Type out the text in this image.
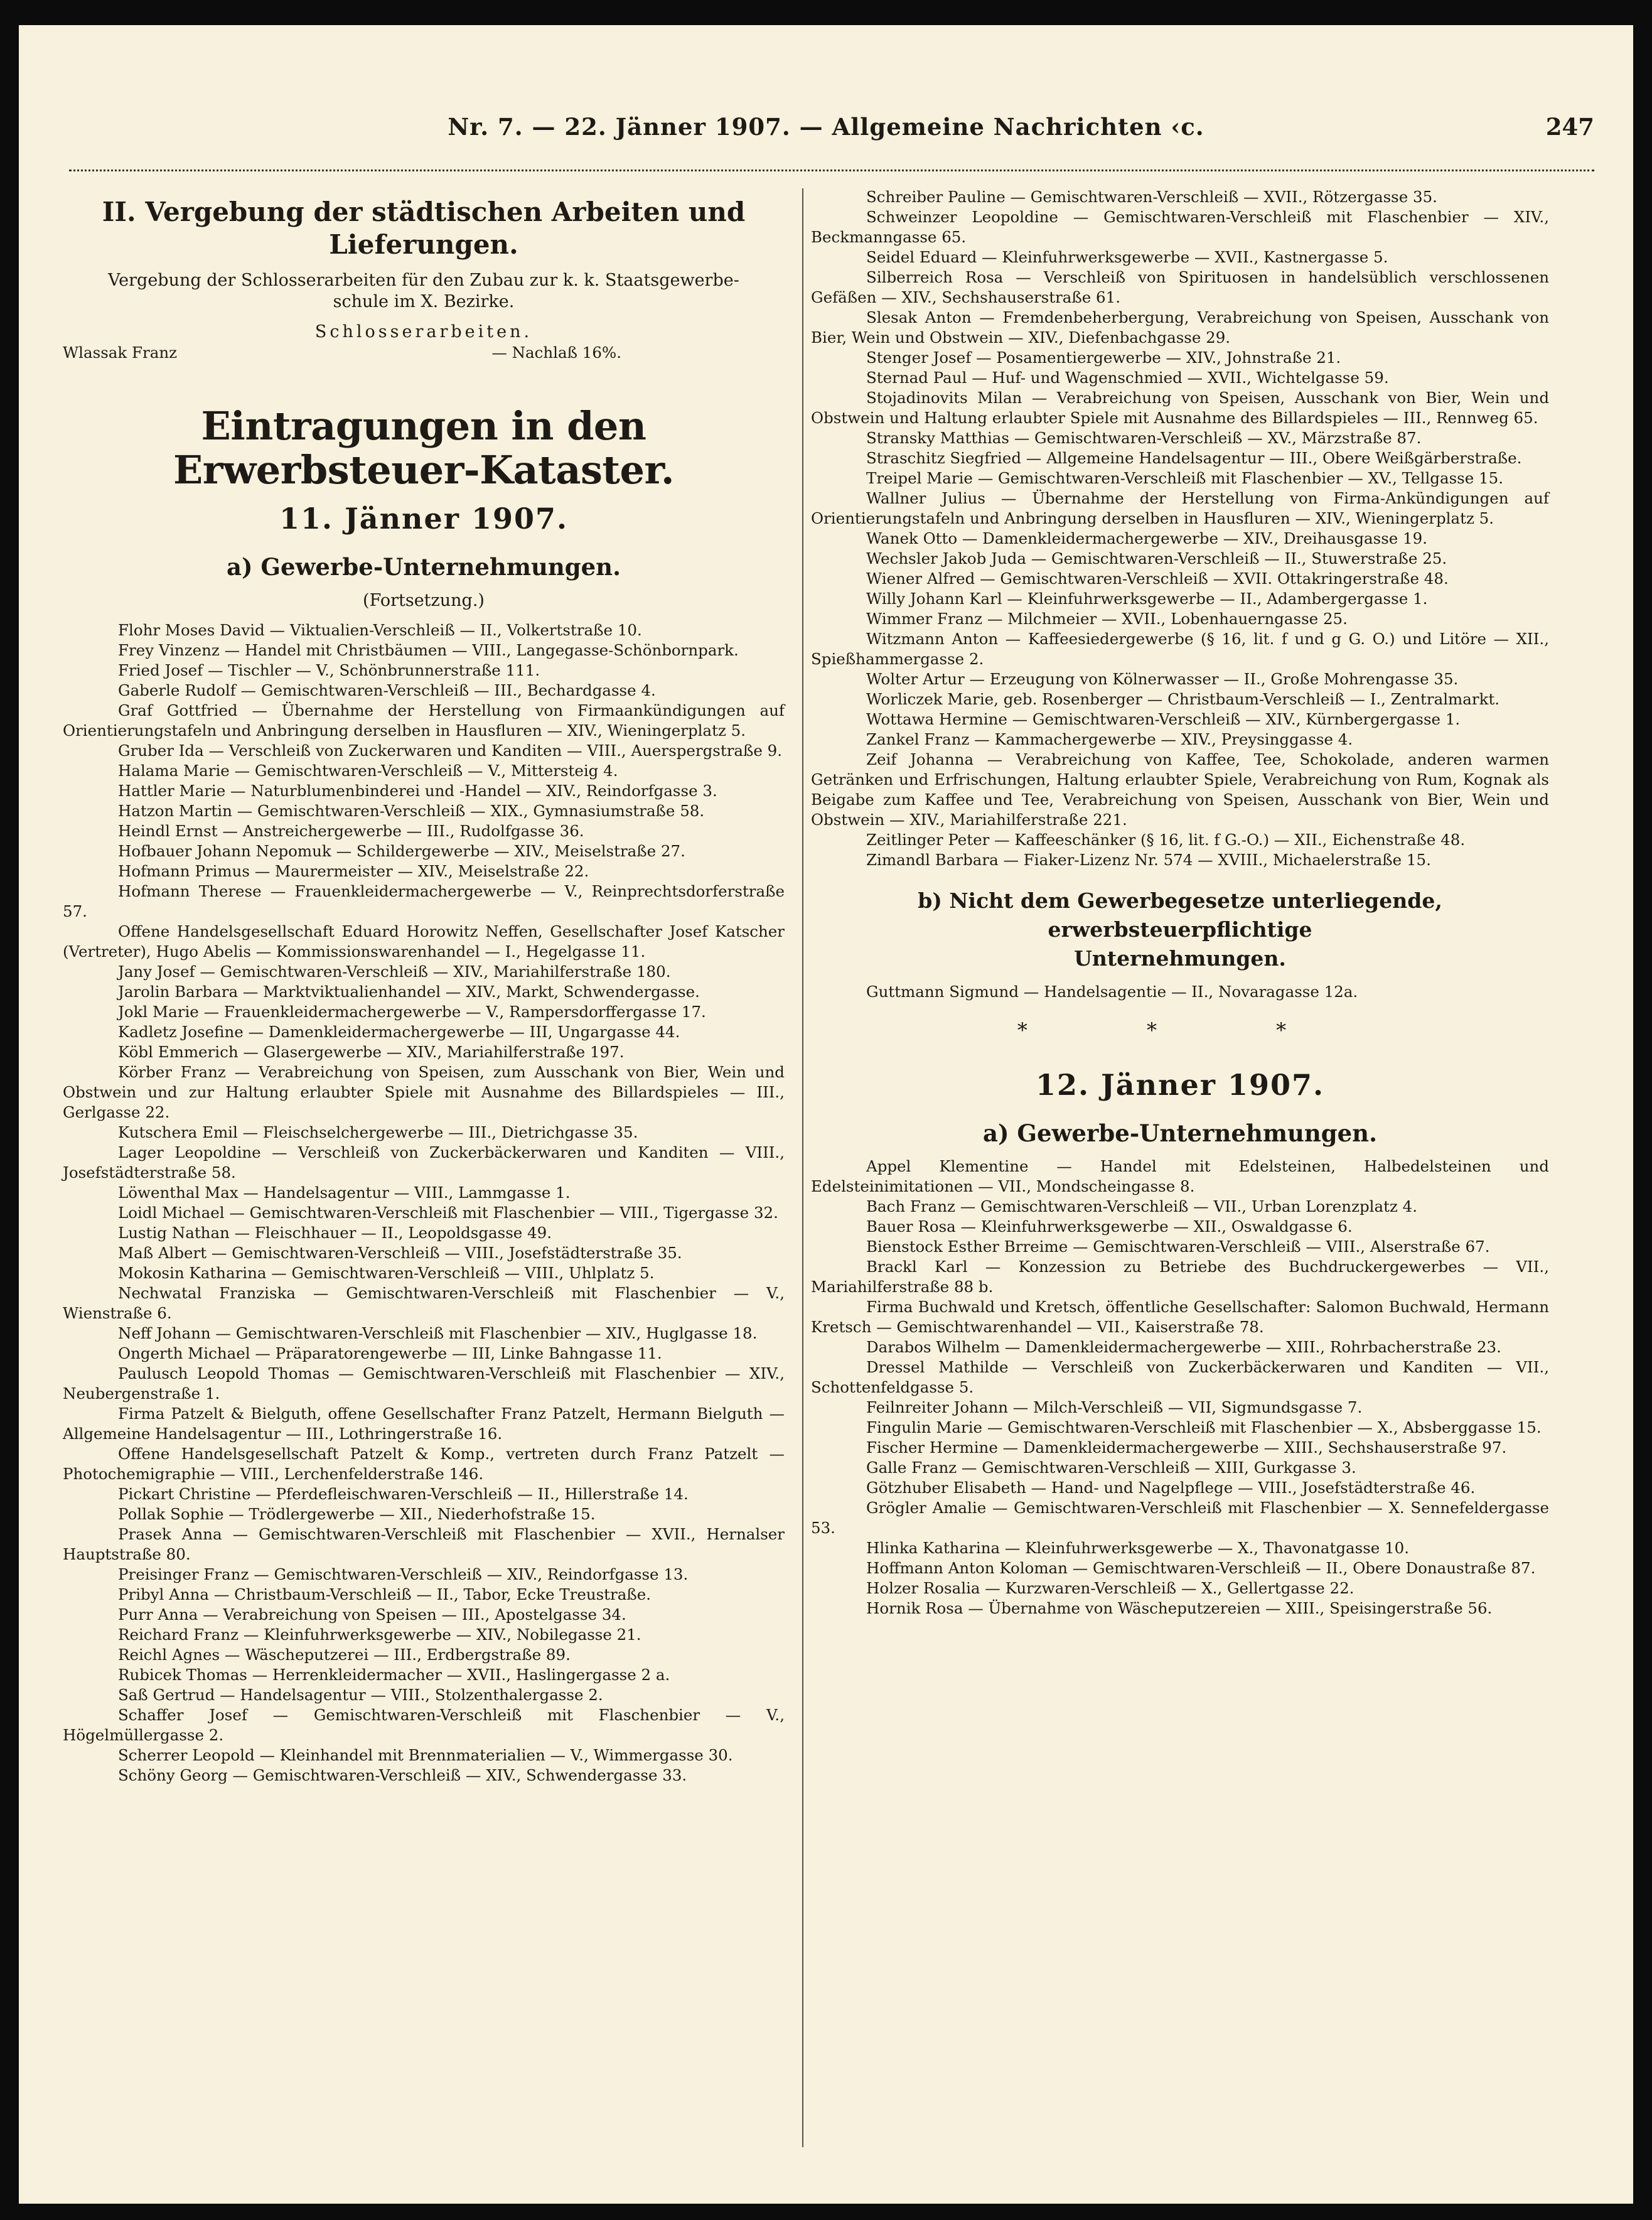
Nr. 7. — 22. Jänner 1907. — Allgemeine Nachrichten ‹c.	247
II. Vergebung der städtischen Arbeiten und
Lieferungen.
Vergebung der Schlosserarbeiten für den Zubau zur k. k. Staatsgewerbe-
schule im X. Bezirke.
Schlosserarbeiten.
Wlassak Franz	— Nachlaß 16%.
Eintragungen in den Erwerbsteuer-Kataster.
11. Jänner 1907.
a) Gewerbe-Unternehmungen.
(Fortsetzung.)
Flohr Moses David — Viktualien-Verschleiß — II., Volkertstraße 10.
Frey Vinzenz — Handel mit Christbäumen — VIII., Langegasse-Schönbornpark.
Fried Josef — Tischler — V., Schönbrunnerstraße 111.
Gaberle Rudolf — Gemischtwaren-Verschleiß — III., Bechardgasse 4.
Graf Gottfried — Übernahme der Herstellung von Firmaankündigungen auf Orientierungstafeln und Anbringung derselben in Hausfluren — XIV., Wieningerplatz 5.
Gruber Ida — Verschleiß von Zuckerwaren und Kanditen — VIII., Auerspergstraße 9.
Halama Marie — Gemischtwaren-Verschleiß — V., Mittersteig 4.
Hattler Marie — Naturblumenbinderei und -Handel — XIV., Reindorfgasse 3.
Hatzon Martin — Gemischtwaren-Verschleiß — XIX., Gymnasiumstraße 58.
Heindl Ernst — Anstreichergewerbe — III., Rudolfgasse 36.
Hofbauer Johann Nepomuk — Schildergewerbe — XIV., Meiselstraße 27.
Hofmann Primus — Maurermeister — XIV., Meiselstraße 22.
Hofmann Therese — Frauenkleidermachergewerbe — V., Reinprechtsdorferstraße 57.
Offene Handelsgesellschaft Eduard Horowitz Neffen, Gesellschafter Josef Katscher (Vertreter), Hugo Abelis — Kommissionswarenhandel — I., Hegelgasse 11.
Jany Josef — Gemischtwaren-Verschleiß — XIV., Mariahilferstraße 180.
Jarolin Barbara — Marktviktualienhandel — XIV., Markt, Schwendergasse.
Jokl Marie — Frauenkleidermachergewerbe — V., Rampersdorffergasse 17.
Kadletz Josefine — Damenkleidermachergewerbe — III, Ungargasse 44.
Köbl Emmerich — Glasergewerbe — XIV., Mariahilferstraße 197.
Körber Franz — Verabreichung von Speisen, zum Ausschank von Bier, Wein und Obstwein und zur Haltung erlaubter Spiele mit Ausnahme des Billardspieles — III., Gerlgasse 22.
Kutschera Emil — Fleischselchergewerbe — III., Dietrichgasse 35.
Lager Leopoldine — Verschleiß von Zuckerbäckerwaren und Kanditen — VIII., Josefstädterstraße 58.
Löwenthal Max — Handelsagentur — VIII., Lammgasse 1.
Loidl Michael — Gemischtwaren-Verschleiß mit Flaschenbier — VIII., Tigergasse 32.
Lustig Nathan — Fleischhauer — II., Leopoldsgasse 49.
Maß Albert — Gemischtwaren-Verschleiß — VIII., Josefstädterstraße 35.
Mokosin Katharina — Gemischtwaren-Verschleiß — VIII., Uhlplatz 5.
Nechwatal Franziska — Gemischtwaren-Verschleiß mit Flaschenbier — V., Wienstraße 6.
Neff Johann — Gemischtwaren-Verschleiß mit Flaschenbier — XIV., Huglgasse 18.
Ongerth Michael — Präparatorengewerbe — III, Linke Bahngasse 11.
Paulusch Leopold Thomas — Gemischtwaren-Verschleiß mit Flaschenbier — XIV., Neubergenstraße 1.
Firma Patzelt & Bielguth, offene Gesellschafter Franz Patzelt, Hermann Bielguth — Allgemeine Handelsagentur — III., Lothringerstraße 16.
Offene Handelsgesellschaft Patzelt & Komp., vertreten durch Franz Patzelt — Photochemigraphie — VIII., Lerchenfelderstraße 146.
Pickart Christine — Pferdefleischwaren-Verschleiß — II., Hillerstraße 14.
Pollak Sophie — Trödlergewerbe — XII., Niederhofstraße 15.
Prasek Anna — Gemischtwaren-Verschleiß mit Flaschenbier — XVII., Hernalser Hauptstraße 80.
Preisinger Franz — Gemischtwaren-Verschleiß — XIV., Reindorfgasse 13.
Pribyl Anna — Christbaum-Verschleiß — II., Tabor, Ecke Treustraße.
Purr Anna — Verabreichung von Speisen — III., Apostelgasse 34.
Reichard Franz — Kleinfuhrwerksgewerbe — XIV., Nobilegasse 21.
Reichl Agnes — Wäscheputzerei — III., Erdbergstraße 89.
Rubicek Thomas — Herrenkleidermacher — XVII., Haslingergasse 2 a.
Saß Gertrud — Handelsagentur — VIII., Stolzenthalergasse 2.
Schaffer Josef — Gemischtwaren-Verschleiß mit Flaschenbier — V., Högelmüllergasse 2.
Scherrer Leopold — Kleinhandel mit Brennmaterialien — V., Wimmergasse 30.
Schöny Georg — Gemischtwaren-Verschleiß — XIV., Schwendergasse 33.
Schreiber Pauline — Gemischtwaren-Verschleiß — XVII., Rötzergasse 35.
Schweinzer Leopoldine — Gemischtwaren-Verschleiß mit Flaschenbier — XIV., Beckmanngasse 65.
Seidel Eduard — Kleinfuhrwerksgewerbe — XVII., Kastnergasse 5.
Silberreich Rosa — Verschleiß von Spirituosen in handelsüblich verschlossenen Gefäßen — XIV., Sechshauserstraße 61.
Slesak Anton — Fremdenbeherbergung, Verabreichung von Speisen, Ausschank von Bier, Wein und Obstwein — XIV., Diefenbachgasse 29.
Stenger Josef — Posamentiergewerbe — XIV., Johnstraße 21.
Sternad Paul — Huf- und Wagenschmied — XVII., Wichtelgasse 59.
Stojadinovits Milan — Verabreichung von Speisen, Ausschank von Bier, Wein und Obstwein und Haltung erlaubter Spiele mit Ausnahme des Billardspieles — III., Rennweg 65.
Stransky Matthias — Gemischtwaren-Verschleiß — XV., Märzstraße 87.
Straschitz Siegfried — Allgemeine Handelsagentur — III., Obere Weißgärberstraße.
Treipel Marie — Gemischtwaren-Verschleiß mit Flaschenbier — XV., Tellgasse 15.
Wallner Julius — Übernahme der Herstellung von Firma-Ankündigungen auf Orientierungstafeln und Anbringung derselben in Hausfluren — XIV., Wieningerplatz 5.
Wanek Otto — Damenkleidermachergewerbe — XIV., Dreihausgasse 19.
Wechsler Jakob Juda — Gemischtwaren-Verschleiß — II., Stuwerstraße 25.
Wiener Alfred — Gemischtwaren-Verschleiß — XVII. Ottakringerstraße 48.
Willy Johann Karl — Kleinfuhrwerksgewerbe — II., Adambergergasse 1.
Wimmer Franz — Milchmeier — XVII., Lobenhauerngasse 25.
Witzmann Anton — Kaffeesiedergewerbe (§ 16, lit. f und g G. O.) und Litöre — XII., Spießhammergasse 2.
Wolter Artur — Erzeugung von Kölnerwasser — II., Große Mohrengasse 35.
Worliczek Marie, geb. Rosenberger — Christbaum-Verschleiß — I., Zentralmarkt.
Wottawa Hermine — Gemischtwaren-Verschleiß — XIV., Kürnbergergasse 1.
Zankel Franz — Kammachergewerbe — XIV., Preysinggasse 4.
Zeif Johanna — Verabreichung von Kaffee, Tee, Schokolade, anderen warmen Getränken und Erfrischungen, Haltung erlaubter Spiele, Verabreichung von Rum, Kognak als Beigabe zum Kaffee und Tee, Verabreichung von Speisen, Ausschank von Bier, Wein und Obstwein — XIV., Mariahilferstraße 221.
Zeitlinger Peter — Kaffeeschänker (§ 16, lit. f G.-O.) — XII., Eichenstraße 48.
Zimandl Barbara — Fiaker-Lizenz Nr. 574 — XVIII., Michaelerstraße 15.
b) Nicht dem Gewerbegesetze unterliegende, erwerbsteuerpflichtige
Unternehmungen.
Guttmann Sigmund — Handelsagentie — II., Novaragasse 12a.
* * *
12. Jänner 1907.
a) Gewerbe-Unternehmungen.
Appel Klementine — Handel mit Edelsteinen, Halbedelsteinen und Edelsteinimitationen — VII., Mondscheingasse 8.
Bach Franz — Gemischtwaren-Verschleiß — VII., Urban Lorenzplatz 4.
Bauer Rosa — Kleinfuhrwerksgewerbe — XII., Oswaldgasse 6.
Bienstock Esther Brreime — Gemischtwaren-Verschleiß — VIII., Alserstraße 67.
Brackl Karl — Konzession zu Betriebe des Buchdruckergewerbes — VII., Mariahilferstraße 88 b.
Firma Buchwald und Kretsch, öffentliche Gesellschafter: Salomon Buchwald, Hermann Kretsch — Gemischtwarenhandel — VII., Kaiserstraße 78.
Darabos Wilhelm — Damenkleidermachergewerbe — XIII., Rohrbacherstraße 23.
Dressel Mathilde — Verschleiß von Zuckerbäckerwaren und Kanditen — VII., Schottenfeldgasse 5.
Feilnreiter Johann — Milch-Verschleiß — VII, Sigmundsgasse 7.
Fingulin Marie — Gemischtwaren-Verschleiß mit Flaschenbier — X., Absberggasse 15.
Fischer Hermine — Damenkleidermachergewerbe — XIII., Sechshauserstraße 97.
Galle Franz — Gemischtwaren-Verschleiß — XIII, Gurkgasse 3.
Götzhuber Elisabeth — Hand- und Nagelpflege — VIII., Josefstädterstraße 46.
Grögler Amalie — Gemischtwaren-Verschleiß mit Flaschenbier — X. Sennefeldergasse 53.
Hlinka Katharina — Kleinfuhrwerksgewerbe — X., Thavonatgasse 10.
Hoffmann Anton Koloman — Gemischtwaren-Verschleiß — II., Obere Donaustraße 87.
Holzer Rosalia — Kurzwaren-Verschleiß — X., Gellertgasse 22.
Hornik Rosa — Übernahme von Wäscheputzereien — XIII., Speisingerstraße 56.
